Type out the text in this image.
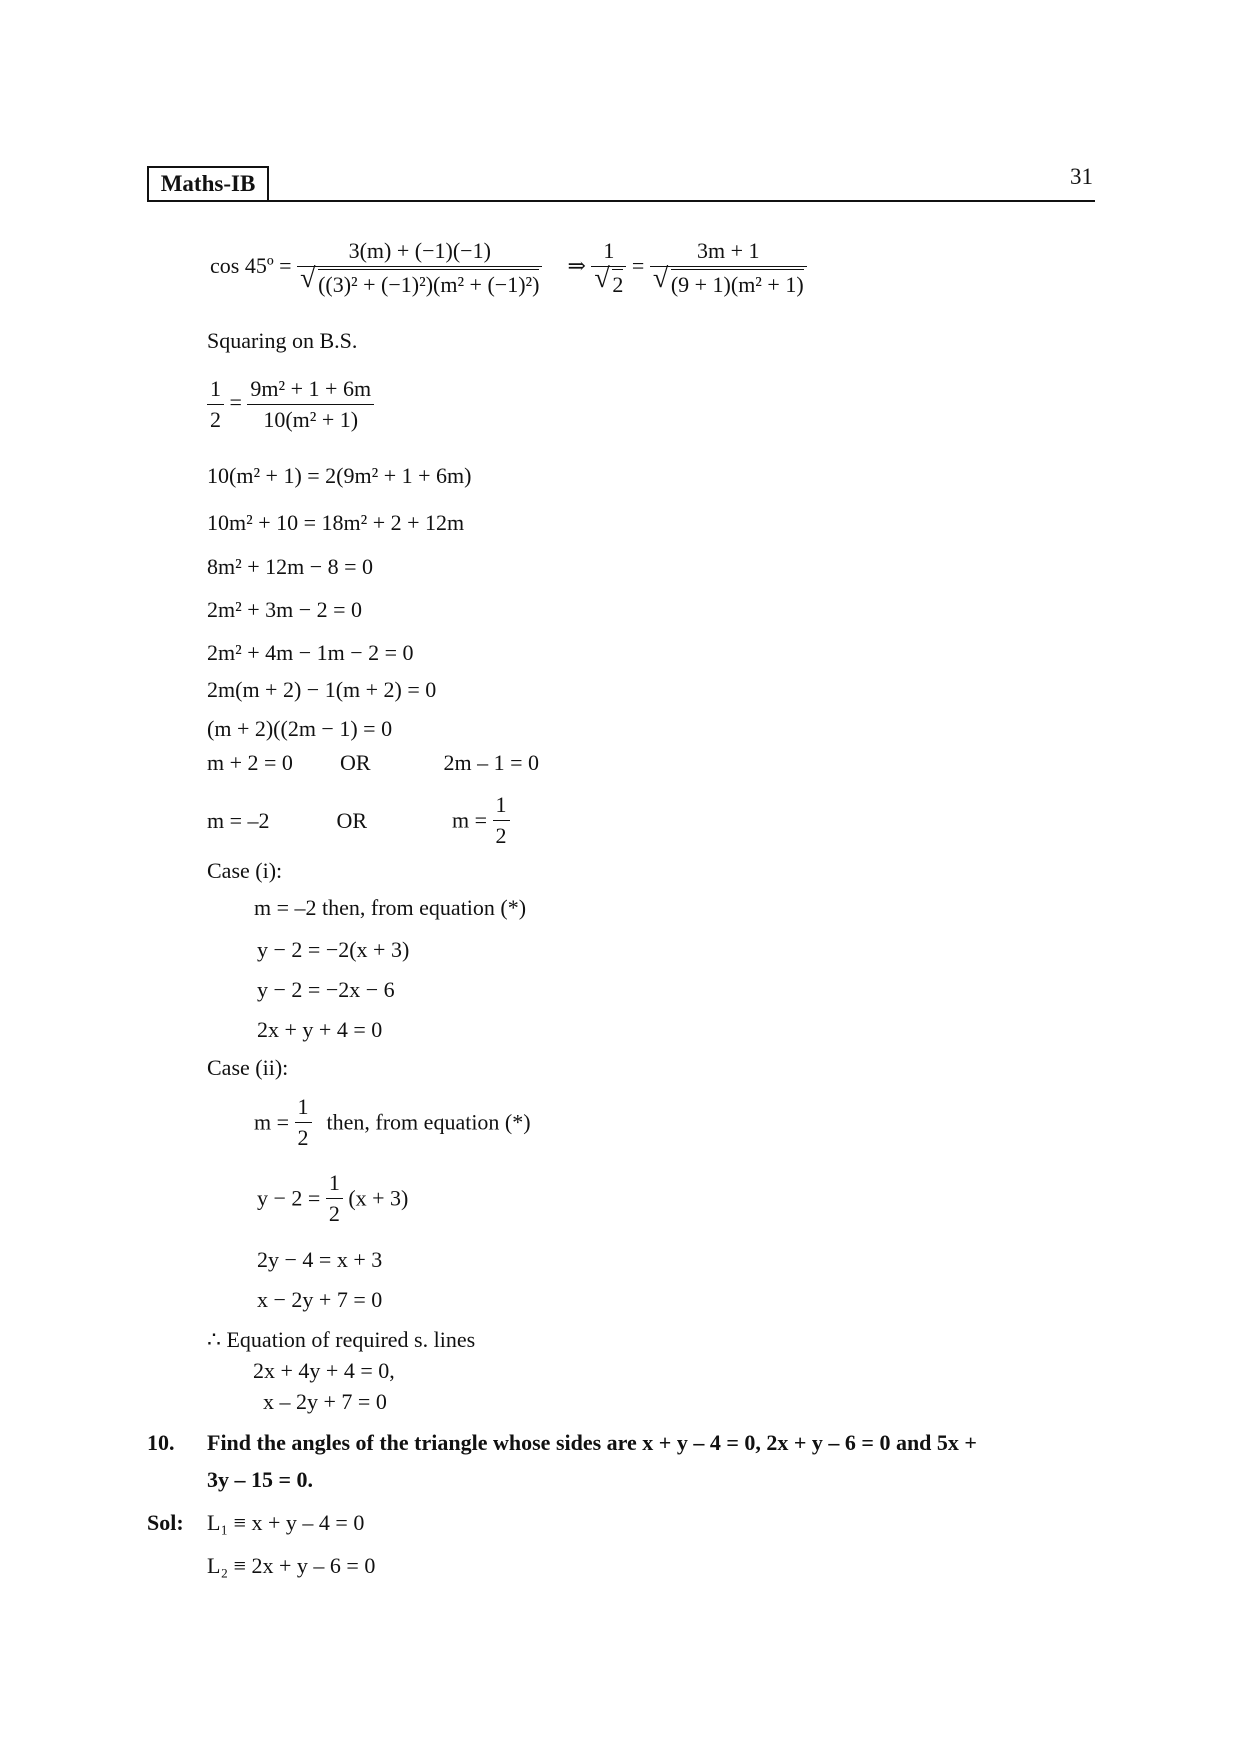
Maths-IB	31
cos 45º = 3(m) + (−1)(−1)
√ ((3)² + (−1)²)(m² + (−1)²) ⇒ 1
√ 2 = 3m + 1
√ (9 + 1)(m² + 1)
Squaring on B.S.
$\frac{1}{2} = \frac{\text{9m² + 1 + 6m}}{\text{10(m² + 1)}}$
10(m² + 1) = 2(9m² + 1 + 6m)
10m² + 10 = 18m² + 2 + 12m
8m² + 12m − 8 = 0
2m² + 3m − 2 = 0
2m² + 4m − 1m − 2 = 0
2m(m + 2) − 1(m + 2) = 0
(m + 2)((2m − 1) = 0
m + 2 = 0 OR	2m – 1 = 0
m = –2	OR	$m = \frac{1}{2}$
Case (i):
m = –2 then, from equation (*)
y − 2 = −2(x + 3)
y − 2 = −2x − 6
2x + y + 4 = 0
Case (ii):
$m = \frac{1}{2}$ then, from equation (*)
$y - 2 = \frac{1}{2} (x + 3)$
2y − 4 = x + 3
x − 2y + 7 = 0
∴ Equation of required s. lines
2x + 4y + 4 = 0,
x – 2y + 7 = 0
10. Find the angles of the triangle whose sides are x + y – 4 = 0, 2x + y – 6 = 0 and 5x +
3y – 15 = 0.
Sol: L₁ ≡ x + y – 4 = 0
L₂ ≡ 2x + y – 6 = 0
